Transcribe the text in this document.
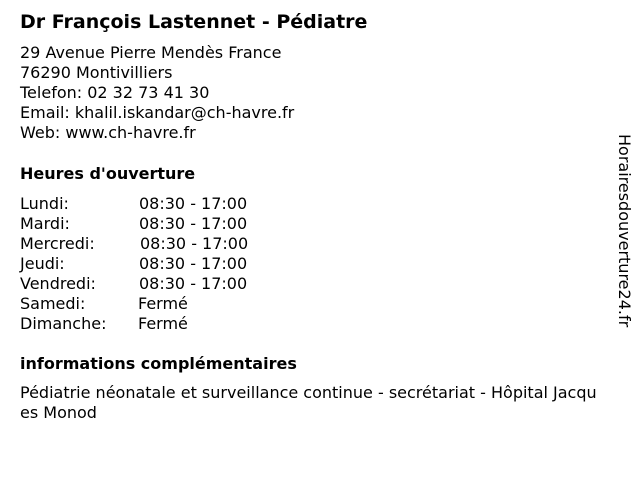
Dr François Lastennet - Pédiatre
29 Avenue Pierre Mendès France
76290 Montivilliers
Telefon: 02 32 73 41 30
Email: khalil.iskandar@ch-havre.fr
Web: www.ch-havre.fr
Heures d'ouverture
Lundi:	08:30 - 17:00
Mardi:	08:30 - 17:00
Mercredi:	08:30 - 17:00
Jeudi:	08:30 - 17:00
Vendredi:	08:30 - 17:00
Samedi:	Fermé
Dimanche: Fermé
informations complémentaires
Pédiatrie néonatale et surveillance continue - secrétariat - Hôpital Jacques Monod
Horairesdouverture24.fr
